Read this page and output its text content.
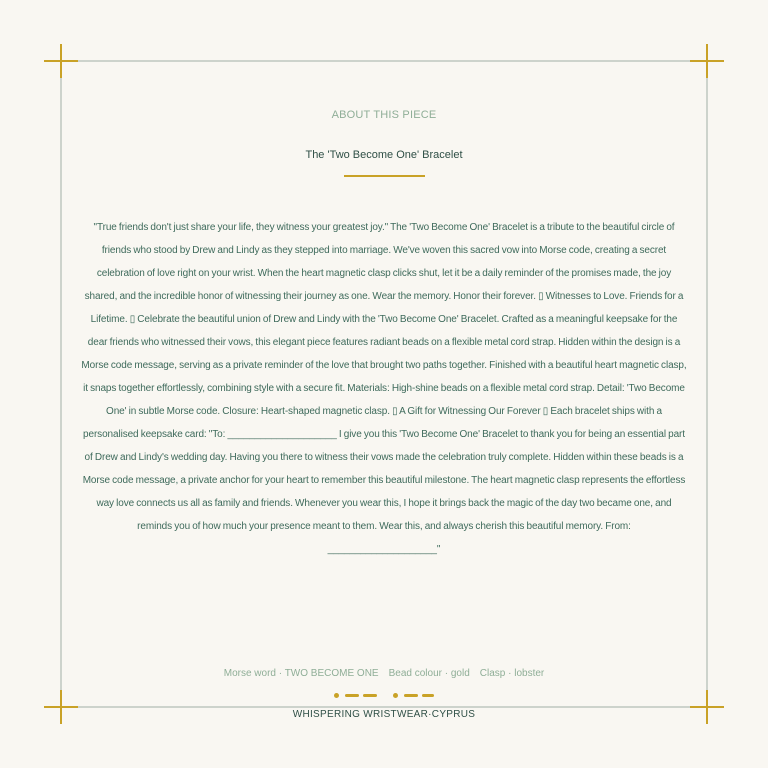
ABOUT THIS PIECE
The 'Two Become One' Bracelet
"True friends don't just share your life, they witness your greatest joy." The 'Two Become One' Bracelet is a tribute to the beautiful circle of friends who stood by Drew and Lindy as they stepped into marriage. We've woven this sacred vow into Morse code, creating a secret celebration of love right on your wrist. When the heart magnetic clasp clicks shut, let it be a daily reminder of the promises made, the joy shared, and the incredible honor of witnessing their journey as one. Wear the memory. Honor their forever. ▯ Witnesses to Love. Friends for a Lifetime. ▯ Celebrate the beautiful union of Drew and Lindy with the 'Two Become One' Bracelet. Crafted as a meaningful keepsake for the dear friends who witnessed their vows, this elegant piece features radiant beads on a flexible metal cord strap. Hidden within the design is a Morse code message, serving as a private reminder of the love that brought two paths together. Finished with a beautiful heart magnetic clasp, it snaps together effortlessly, combining style with a secure fit. Materials: High-shine beads on a flexible metal cord strap. Detail: 'Two Become One' in subtle Morse code. Closure: Heart-shaped magnetic clasp. ▯ A Gift for Witnessing Our Forever ▯ Each bracelet ships with a personalised keepsake card: "To: ____________________ I give you this 'Two Become One' Bracelet to thank you for being an essential part of Drew and Lindy's wedding day. Having you there to witness their vows made the celebration truly complete. Hidden within these beads is a Morse code message, a private anchor for your heart to remember this beautiful milestone. The heart magnetic clasp represents the effortless way love connects us all as family and friends. Whenever you wear this, I hope it brings back the magic of the day two became one, and reminds you of how much your presence meant to them. Wear this, and always cherish this beautiful memory. From: ____________________"
Morse word · TWO BECOME ONE Bead colour · gold Clasp · lobster
WHISPERING WRISTWEAR·CYPRUS
